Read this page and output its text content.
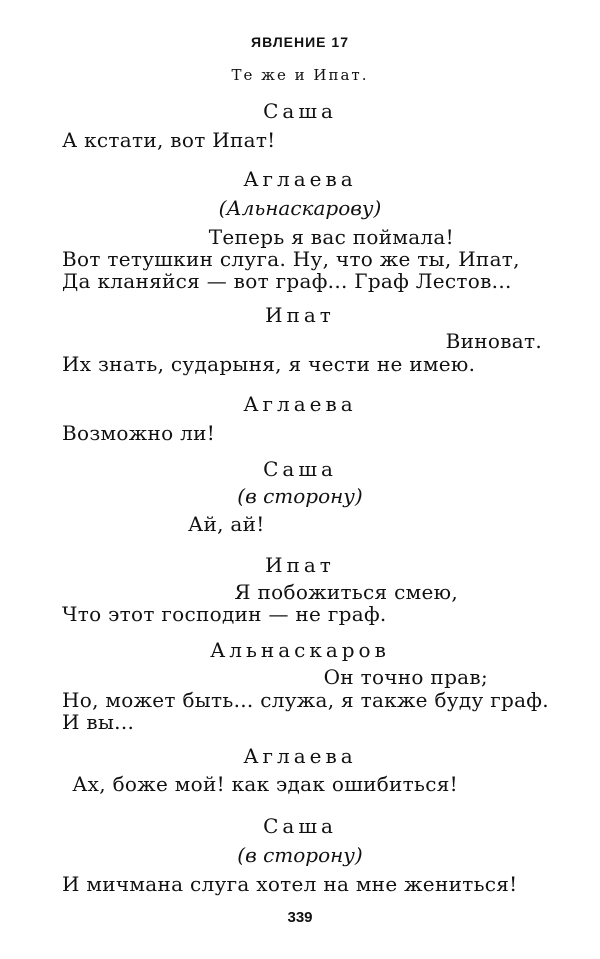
ЯВЛЕНИЕ 17
Те же и Ипат.
Саша
А кстати, вот Ипат!
Аглаева
(Альнаскарову)
Теперь я вас поймала!
Вот тетушкин слуга. Ну, что же ты, Ипат,
Да кланяйся — вот граф... Граф Лестов...
Ипат
Виноват.
Их знать, сударыня, я чести не имею.
Аглаева
Возможно ли!
Саша
(в сторону)
Ай, ай!
Ипат
Я побожиться смею,
Что этот господин — не граф.
Альнаскаров
Он точно прав;
Но, может быть... служа, я также буду граф.
И вы...
Аглаева
Ах, боже мой! как эдак ошибиться!
Саша
(в сторону)
И мичмана слуга хотел на мне жениться!
339
